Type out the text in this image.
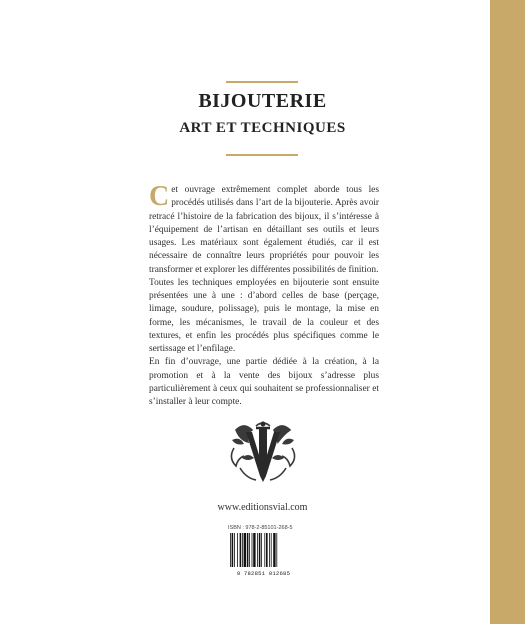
BIJOUTERIE
ART ET TECHNIQUES

Cet ouvrage extrêmement complet aborde tous les procédés utilisés dans l’art de la bijouterie. Après avoir retracé l’histoire de la fabrication des bijoux, il s’intéresse à l’équipement de l’artisan en détaillant ses outils et leurs usages. Les matériaux sont également étudiés, car il est nécessaire de connaître leurs propriétés pour pouvoir les transformer et explorer les différentes possibilités de finition.

Toutes les techniques employées en bijouterie sont ensuite présentées une à une : d’abord celles de base (perçage, limage, soudure, polissage), puis le montage, la mise en forme, les mécanismes, le travail de la couleur et des textures, et enfin les procédés plus spécifiques comme le sertissage et l’enfilage.

En fin d’ouvrage, une partie dédiée à la création, à la promotion et à la vente des bijoux s’adresse plus particulièrement à ceux qui souhaitent se professionnaliser et s’installer à leur compte.

www.editionsvial.com
ISBN : 978-2-85101-268-5
9 782851 012685
